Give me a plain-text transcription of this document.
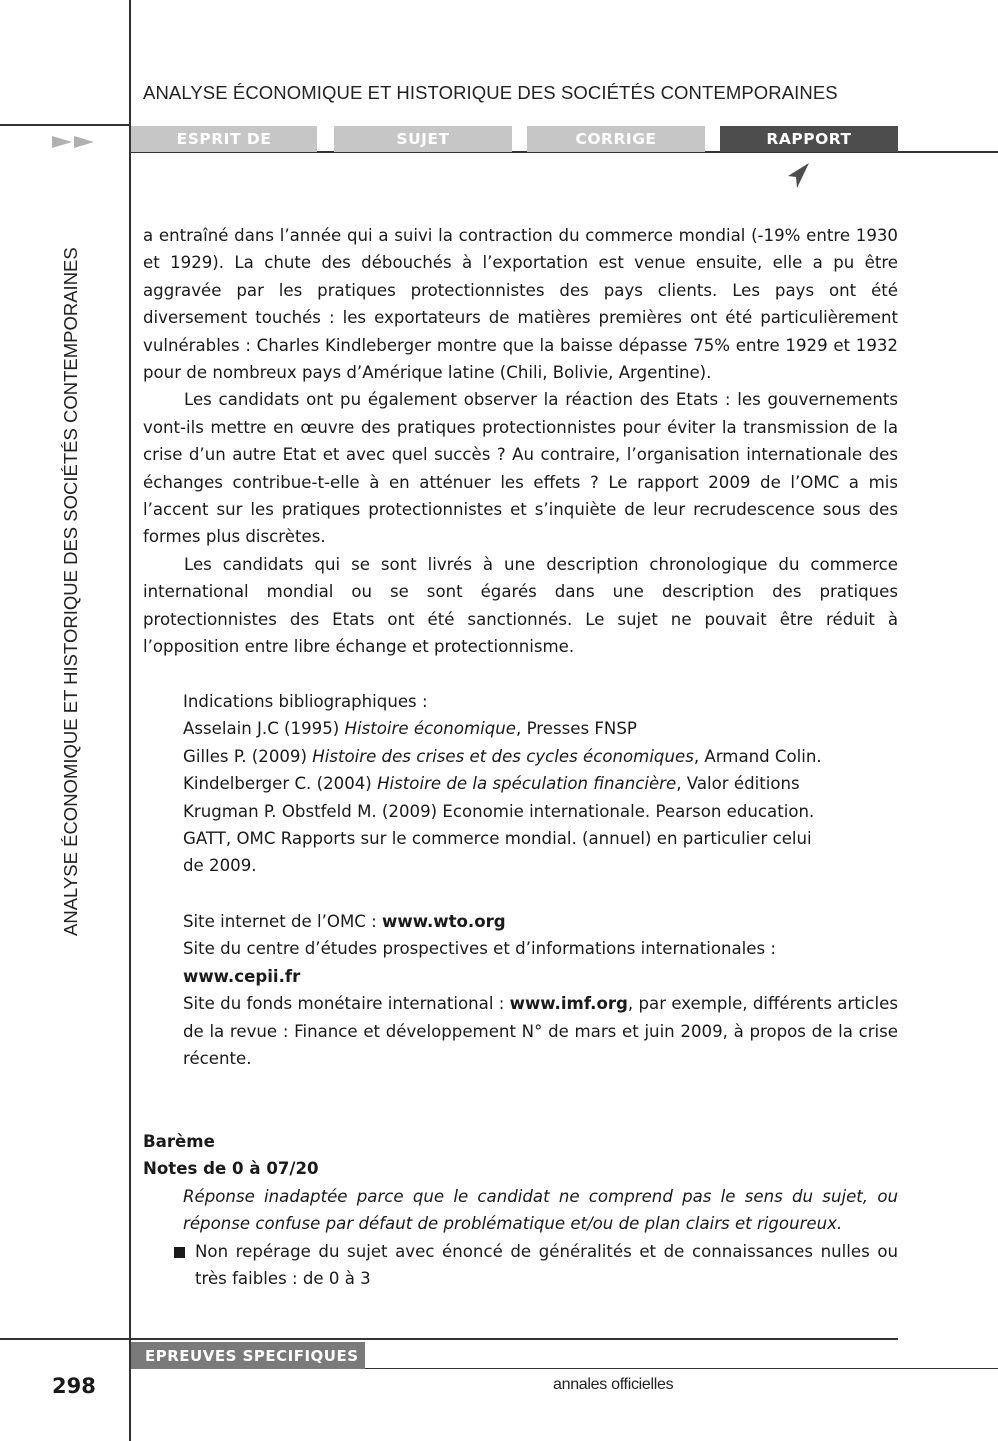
ANALYSE ÉCONOMIQUE ET HISTORIQUE DES SOCIÉTÉS CONTEMPORAINES
ANALYSE ÉCONOMIQUE ET HISTORIQUE DES SOCIÉTÉS CONTEMPORAINES
ESPRIT DE L’EPREUVE
SUJET	CORRIGE	RAPPORT

a entraîné dans l’année qui a suivi la contraction du commerce mondial (-19% entre 1930 et 1929). La chute des débouchés à l’exportation est venue ensuite, elle a pu être aggravée par les pratiques protectionnistes des pays clients. Les pays ont été diversement touchés : les exportateurs de matières premières ont été particulièrement vulnérables : Charles Kindleberger montre que la baisse dépasse 75% entre 1929 et 1932 pour de nombreux pays d’Amérique latine (Chili, Bolivie, Argentine).

Les candidats ont pu également observer la réaction des Etats : les gouvernements vont-ils mettre en œuvre des pratiques protectionnistes pour éviter la transmission de la crise d’un autre Etat et avec quel succès ? Au contraire, l’organisation internationale des échanges contribue-t-elle à en atténuer les effets ? Le rapport 2009 de l’OMC a mis l’accent sur les pratiques protectionnistes et s’inquiète de leur recrudescence sous des formes plus discrètes.

Les candidats qui se sont livrés à une description chronologique du commerce international mondial ou se sont égarés dans une description des pratiques protectionnistes des Etats ont été sanctionnés. Le sujet ne pouvait être réduit à l’opposition entre libre échange et protectionnisme.

Indications bibliographiques :

Asselain J.C (1995) Histoire économique, Presses FNSP

Gilles P. (2009) Histoire des crises et des cycles économiques, Armand Colin.

Kindelberger C. (2004) Histoire de la spéculation financière, Valor éditions

Krugman P. Obstfeld M. (2009) Economie internationale. Pearson education.

GATT, OMC Rapports sur le commerce mondial. (annuel) en particulier celui

de 2009.

Site internet de l’OMC : www.wto.org

Site du centre d’études prospectives et d’informations internationales :

www.cepii.fr

Site du fonds monétaire international : www.imf.org, par exemple, différents articles de la revue : Finance et développement N° de mars et juin 2009, à propos de la crise récente.

Barème

Notes de 0 à 07/20

Réponse inadaptée parce que le candidat ne comprend pas le sens du sujet, ou réponse confuse par défaut de problématique et/ou de plan clairs et rigoureux.

Non repérage du sujet avec énoncé de généralités et de connaissances nulles ou très faibles : de 0 à 3
EPREUVES SPECIFIQUES
298	annales officielles
